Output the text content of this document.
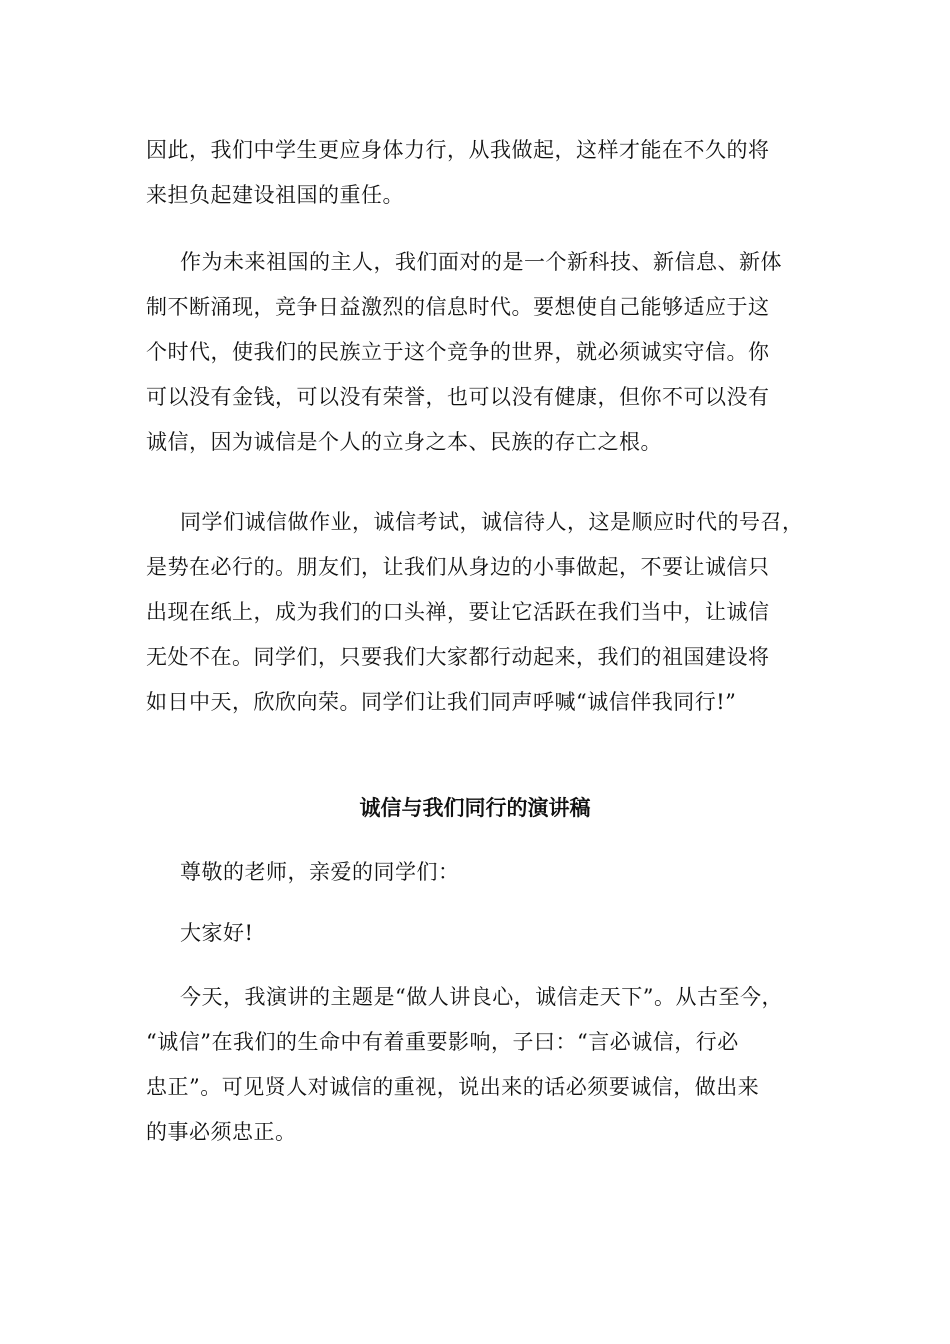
因此，我们中学生更应身体力行，从我做起，这样才能在不久的将
来担负起建设祖国的重任。
作为未来祖国的主人，我们面对的是一个新科技、新信息、新体
制不断涌现，竞争日益激烈的信息时代。要想使自己能够适应于这
个时代，使我们的民族立于这个竞争的世界，就必须诚实守信。你
可以没有金钱，可以没有荣誉，也可以没有健康，但你不可以没有
诚信，因为诚信是个人的立身之本、民族的存亡之根。
同学们诚信做作业，诚信考试，诚信待人，这是顺应时代的号召，
是势在必行的。朋友们，让我们从身边的小事做起，不要让诚信只
出现在纸上，成为我们的口头禅，要让它活跃在我们当中，让诚信
无处不在。同学们，只要我们大家都行动起来，我们的祖国建设将
如日中天，欣欣向荣。同学们让我们同声呼喊“诚信伴我同行!”
诚信与我们同行的演讲稿

尊敬的老师，亲爱的同学们：

大家好!

今天，我演讲的主题是“做人讲良心，诚信走天下”。从古至今，
“诚信”在我们的生命中有着重要影响，子曰：“言必诚信，行必
忠正”。可见贤人对诚信的重视，说出来的话必须要诚信，做出来
的事必须忠正。
